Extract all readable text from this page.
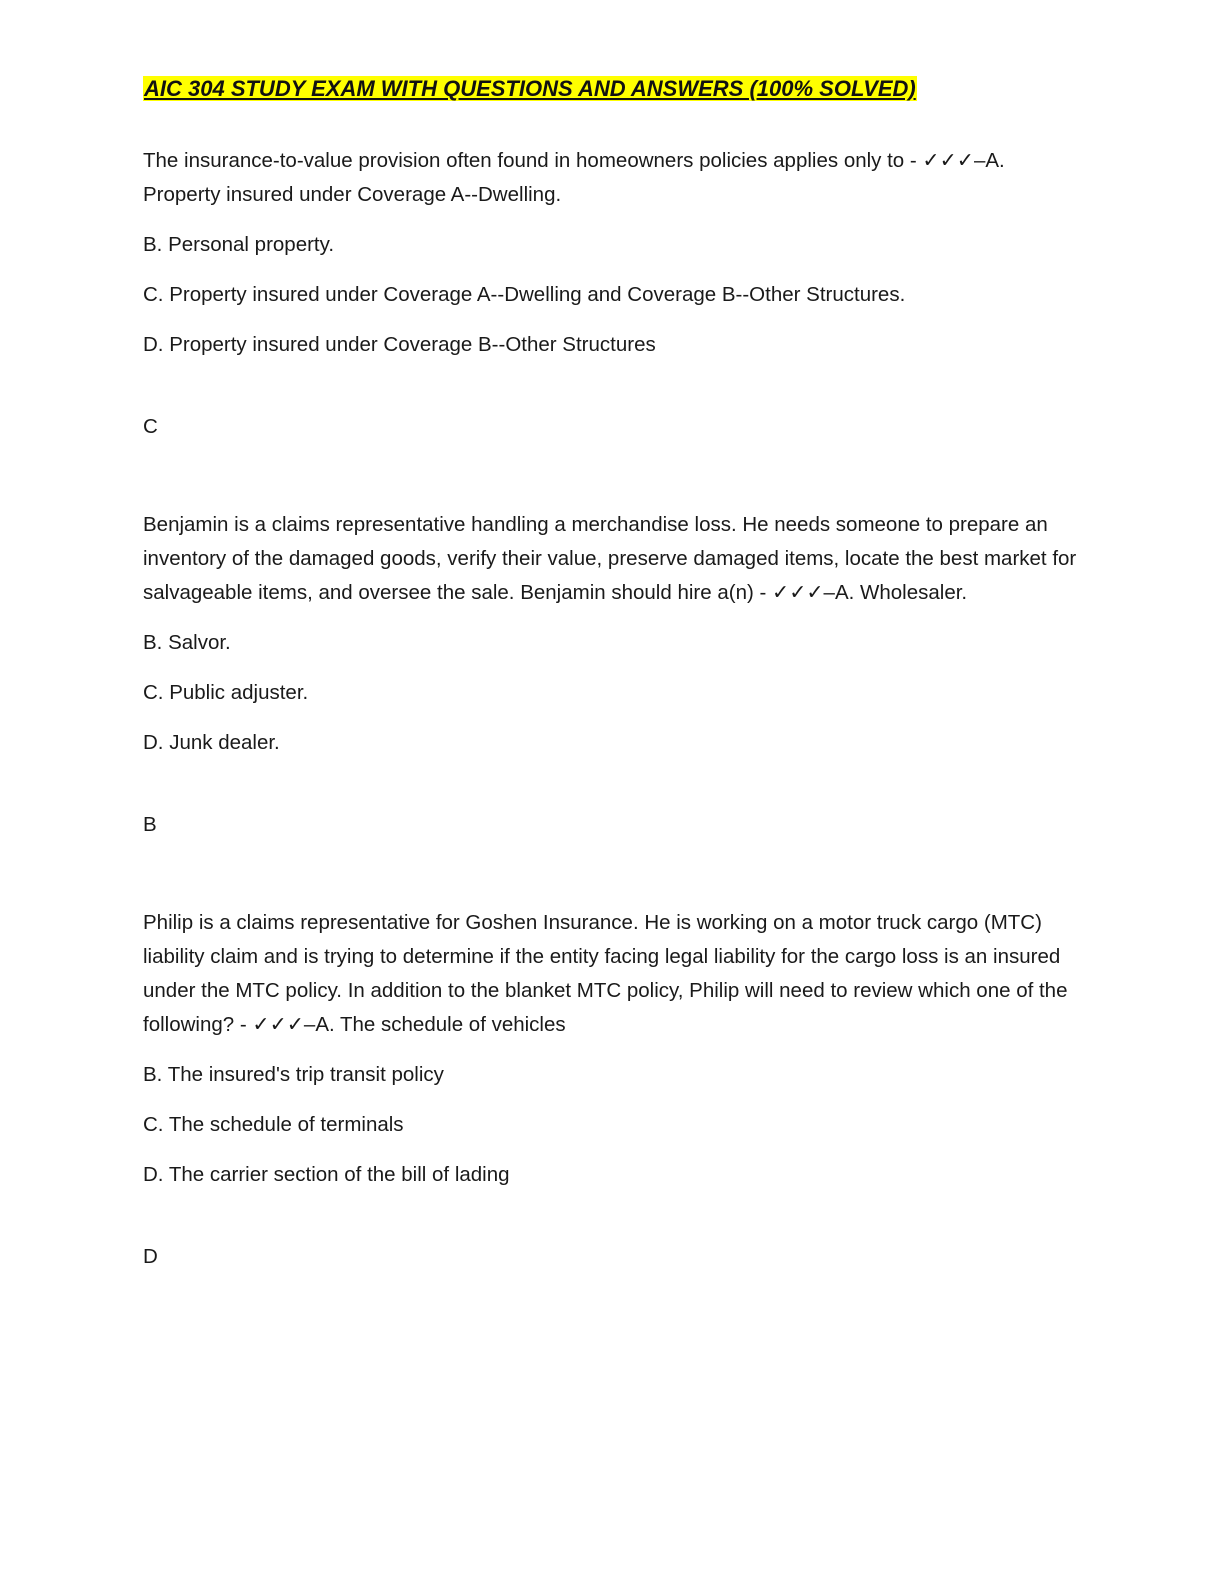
AIC 304 STUDY EXAM WITH QUESTIONS AND ANSWERS (100% SOLVED)

The insurance-to-value provision often found in homeowners policies applies only to - ✓✓✓–A. Property insured under Coverage A--Dwelling.

B. Personal property.

C. Property insured under Coverage A--Dwelling and Coverage B--Other Structures.

D. Property insured under Coverage B--Other Structures

C

Benjamin is a claims representative handling a merchandise loss. He needs someone to prepare an inventory of the damaged goods, verify their value, preserve damaged items, locate the best market for salvageable items, and oversee the sale. Benjamin should hire a(n) - ✓✓✓–A. Wholesaler.

B. Salvor.

C. Public adjuster.

D. Junk dealer.

B

Philip is a claims representative for Goshen Insurance. He is working on a motor truck cargo (MTC) liability claim and is trying to determine if the entity facing legal liability for the cargo loss is an insured under the MTC policy. In addition to the blanket MTC policy, Philip will need to review which one of the following? - ✓✓✓–A. The schedule of vehicles

B. The insured's trip transit policy

C. The schedule of terminals

D. The carrier section of the bill of lading

D
